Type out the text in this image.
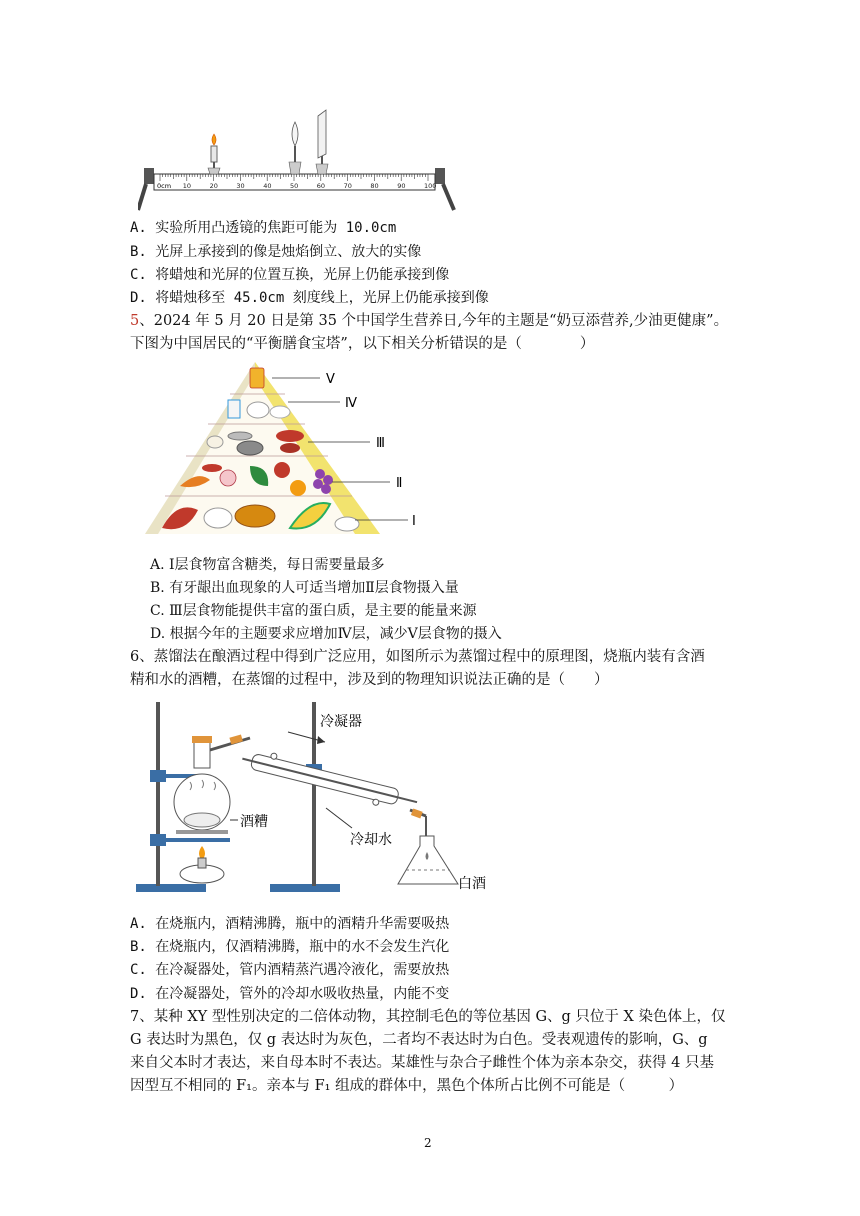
0cm 10	20	30	40	50	60	70	80	90	100
A. 实验所用凸透镜的焦距可能为 10.0cm
B. 光屏上承接到的像是烛焰倒立、放大的实像
C. 将蜡烛和光屏的位置互换，光屏上仍能承接到像
D. 将蜡烛移至 45.0cm 刻度线上，光屏上仍能承接到像
5、2024 年 5 月 20 日是第 35 个中国学生营养日,今年的主题是“奶豆添营养,少油更健康”。
下图为中国居民的“平衡膳食宝塔”，以下相关分析错误的是（　　　　）
Ⅴ
Ⅳ
Ⅲ
Ⅱ
Ⅰ
A. Ⅰ层食物富含糖类，每日需要量最多
B. 有牙龈出血现象的人可适当增加Ⅱ层食物摄入量
C. Ⅲ层食物能提供丰富的蛋白质，是主要的能量来源
D. 根据今年的主题要求应增加Ⅳ层，减少Ⅴ层食物的摄入
6、蒸馏法在酿酒过程中得到广泛应用，如图所示为蒸馏过程中的原理图，烧瓶内装有含酒
精和水的酒糟，在蒸馏的过程中，涉及到的物理知识说法正确的是（　　）
冷凝器
酒糟
冷却水
白酒
A. 在烧瓶内，酒精沸腾，瓶中的酒精升华需要吸热
B. 在烧瓶内，仅酒精沸腾，瓶中的水不会发生汽化
C. 在冷凝器处，管内酒精蒸汽遇冷液化，需要放热
D. 在冷凝器处，管外的冷却水吸收热量，内能不变
7、某种 XY 型性别决定的二倍体动物，其控制毛色的等位基因 G、g 只位于 X 染色体上，仅
G 表达时为黑色，仅 g 表达时为灰色，二者均不表达时为白色。受表观遗传的影响，G、g
来自父本时才表达，来自母本时不表达。某雄性与杂合子雌性个体为亲本杂交，获得 4 只基
因型互不相同的 F₁。亲本与 F₁ 组成的群体中，黑色个体所占比例不可能是（　　　）
2
